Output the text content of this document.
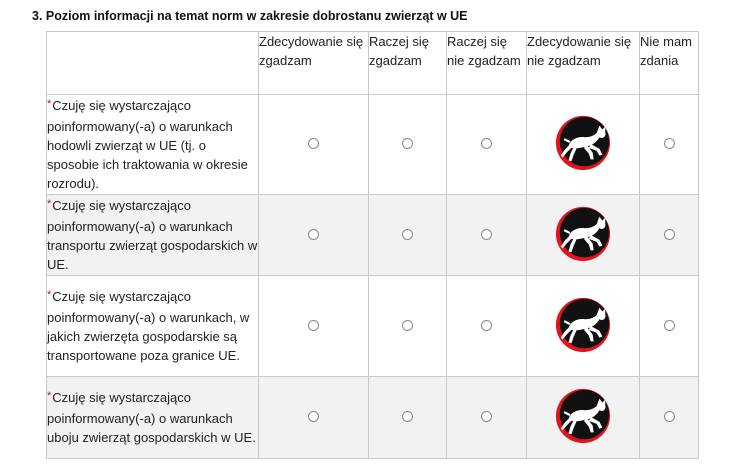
3. Poziom informacji na temat norm w zakresie dobrostanu zwierząt w UE
	Zdecydowanie się zgadzam	Raczej się zgadzam	Raczej się nie zgadzam	Zdecydowanie się nie zgadzam	Nie mam zdania
*Czuję się wystarczająco poinformowany(-a) o warunkach hodowli zwierząt w UE (tj. o sposobie ich traktowania w okresie rozrodu).					
*Czuję się wystarczająco poinformowany(-a) o warunkach transportu zwierząt gospodarskich w UE.					
*Czuję się wystarczająco poinformowany(-a) o warunkach, w jakich zwierzęta gospodarskie są transportowane poza granice UE.					
*Czuję się wystarczająco poinformowany(-a) o warunkach uboju zwierząt gospodarskich w UE.					
